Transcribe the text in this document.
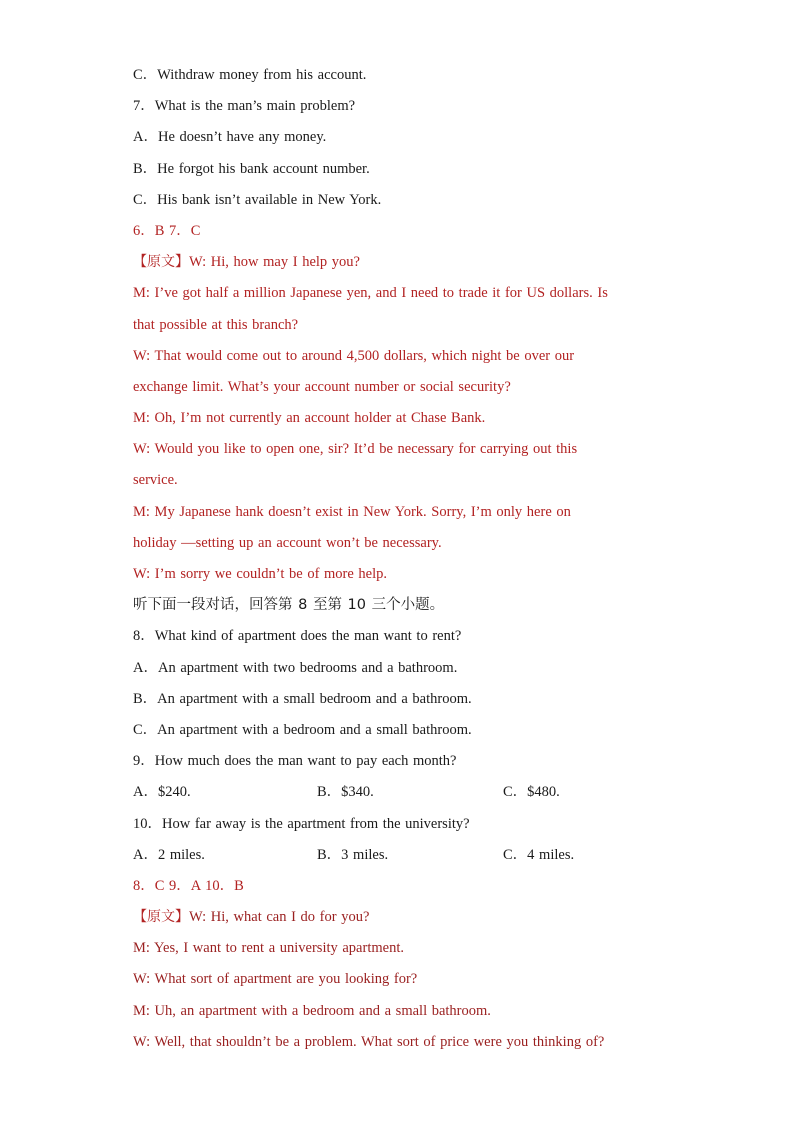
C．Withdraw money from his account.
7．What is the man’s main problem?
A．He doesn’t have any money.
B．He forgot his bank account number.
C．His bank isn’t available in New York.
6．B 7．C
【原文】W: Hi, how may I help you?
M: I’ve got half a million Japanese yen, and I need to trade it for US dollars. Is
that possible at this branch?
W: That would come out to around 4,500 dollars, which night be over our
exchange limit. What’s your account number or social security?
M: Oh, I’m not currently an account holder at Chase Bank.
W: Would you like to open one, sir? It’d be necessary for carrying out this
service.
M: My Japanese hank doesn’t exist in New York. Sorry, I’m only here on
holiday —setting up an account won’t be necessary.
W: I’m sorry we couldn’t be of more help.
听下面一段对话，回答第 8 至第 10 三个小题。
8．What kind of apartment does the man want to rent?
A．An apartment with two bedrooms and a bathroom.
B．An apartment with a small bedroom and a bathroom.
C．An apartment with a bedroom and a small bathroom.
9．How much does the man want to pay each month?
A．$240.	B．$340.	C．$480.
10．How far away is the apartment from the university?
A．2 miles.	B．3 miles.	C．4 miles.
8．C 9．A 10．B
【原文】W: Hi, what can I do for you?
M: Yes, I want to rent a university apartment.
W: What sort of apartment are you looking for?
M: Uh, an apartment with a bedroom and a small bathroom.
W: Well, that shouldn’t be a problem. What sort of price were you thinking of?
